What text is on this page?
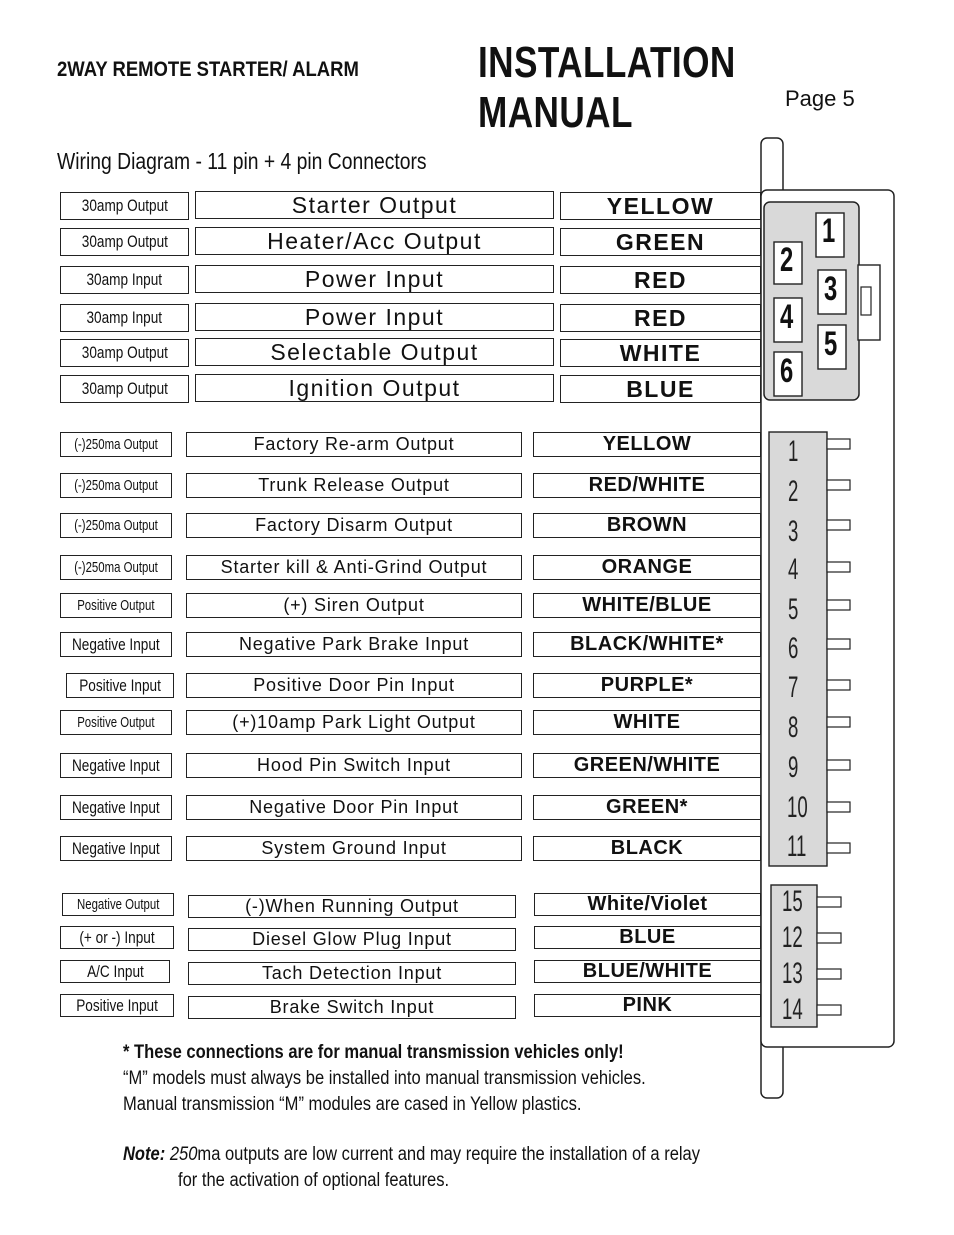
2WAY REMOTE STARTER/ ALARM	INSTALLATION MANUAL	Page 5
Wiring Diagram - 11 pin + 4 pin Connectors
1
2
3
4
5
6
30amp Output	Starter Output	YELLOW
30amp Output	Heater/Acc Output	GREEN
30amp Input	Power Input	RED
30amp Input	Power Input	RED
30amp Output	Selectable Output	WHITE
30amp Output	Ignition Output	BLUE
(-)250ma Output	Factory Re-arm Output	YELLOW
(-)250ma Output	Trunk Release Output	RED/WHITE
(-)250ma Output	Factory Disarm Output	BROWN
(-)250ma Output	Starter kill & Anti-Grind Output	ORANGE
Positive Output	(+) Siren Output	WHITE/BLUE
Negative Input	Negative Park Brake Input	BLACK/WHITE*
Positive Input	Positive Door Pin Input	PURPLE*
Positive Output	(+)10amp Park Light Output	WHITE
Negative Input	Hood Pin Switch Input	GREEN/WHITE
Negative Input	Negative Door Pin Input	GREEN*
Negative Input	System Ground Input	BLACK
Negative Output	(-)When Running Output	White/Violet
(+ or -) Input	Diesel Glow Plug Input	BLUE
A/C Input	Tach Detection Input	BLUE/WHITE
Positive Input	Brake Switch Input	PINK
1
2
3
4
5
6
7
8
9
10
11
15
12
13
14
* These connections are for manual transmission vehicles only!
“M” models must always be installed into manual transmission vehicles.
Manual transmission “M” modules are cased in Yellow plastics.
Note: 250ma outputs are low current and may require the installation of a relay
for the activation of optional features.
